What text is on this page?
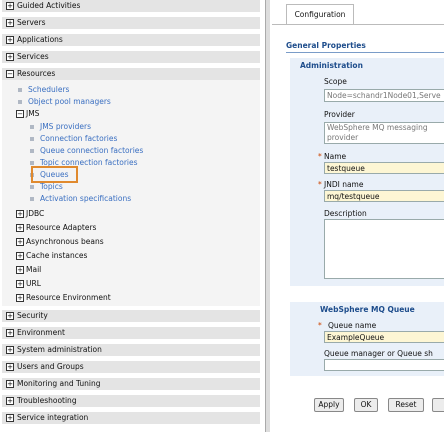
+ Guided Activities
+ Servers
+ Applications
+ Services
− Resources
Schedulers
Object pool managers
− JMS
JMS providers
Connection factories
Queue connection factories
Topic connection factories
Queues
Topics
Activation specifications
+ JDBC
+ Resource Adapters
+ Asynchronous beans
+ Cache instances
+ Mail
+ URL
+ Resource Environment
+ Security
+ Environment
+ System administration
+ Users and Groups
+ Monitoring and Tuning
+ Troubleshooting
+ Service integration
Configuration
General Properties
Administration
Scope
Node=schandr1Node01,Serve
Provider
WebSphere MQ messaging
provider
* Name
testqueue
* JNDI name
mq/testqueue
Description
WebSphere MQ Queue
* Queue name
ExampleQueue
Queue manager or Queue sh
Apply	OK	Reset
